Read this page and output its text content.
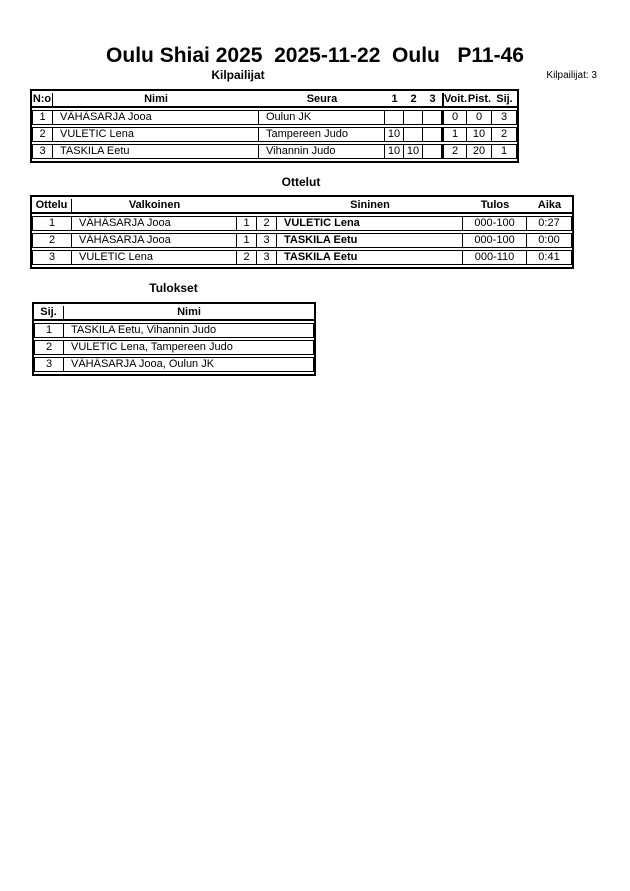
Oulu Shiai 2025  2025-11-22  Oulu   P11-46
Kilpailijat	Kilpailijat: 3
N:o	Nimi	Seura	1	2	3	Voit.	Pist.	Sij.
1	VÄHÄSARJA Jooa	Oulun JK				0	0	3
2	VULETIC Lena	Tampereen Judo	10			1	10	2
3	TASKILA Eetu	Vihannin Judo	10	10		2	20	1
Ottelut
Ottelu	Valkoinen			Sininen	Tulos	Aika
1	VÄHÄSARJA Jooa	1	2	VULETIC Lena	000-100	0:27
2	VÄHÄSARJA Jooa	1	3	TASKILA Eetu	000-100	0:00
3	VULETIC Lena	2	3	TASKILA Eetu	000-110	0:41
Tulokset
Sij.	Nimi
1	TASKILA Eetu, Vihannin Judo
2	VULETIC Lena, Tampereen Judo
3	VÄHÄSARJA Jooa, Oulun JK
